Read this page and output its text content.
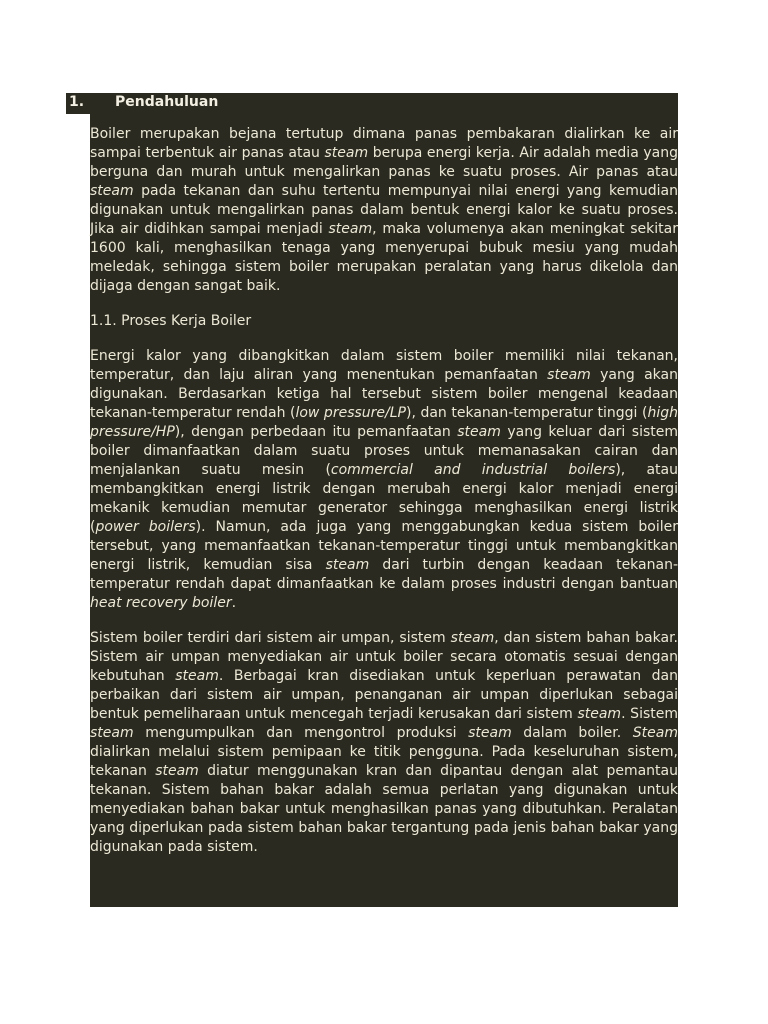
1. Pendahuluan

Boiler merupakan bejana tertutup dimana panas pembakaran dialirkan ke air sampai terbentuk air panas atau steam berupa energi kerja. Air adalah media yang berguna dan murah untuk mengalirkan panas ke suatu proses. Air panas atau steam pada tekanan dan suhu tertentu mempunyai nilai energi yang kemudian digunakan untuk mengalirkan panas dalam bentuk energi kalor ke suatu proses. Jika air didihkan sampai menjadi steam, maka volumenya akan meningkat sekitar 1600 kali, menghasilkan tenaga yang menyerupai bubuk mesiu yang mudah meledak, sehingga sistem boiler merupakan peralatan yang harus dikelola dan dijaga dengan sangat baik.

1.1. Proses Kerja Boiler

Energi kalor yang dibangkitkan dalam sistem boiler memiliki nilai tekanan, temperatur, dan laju aliran yang menentukan pemanfaatan steam yang akan digunakan. Berdasarkan ketiga hal tersebut sistem boiler mengenal keadaan tekanan-temperatur rendah (low pressure/LP), dan tekanan-temperatur tinggi (high pressure/HP), dengan perbedaan itu pemanfaatan steam yang keluar dari sistem boiler dimanfaatkan dalam suatu proses untuk memanasakan cairan dan menjalankan suatu mesin (commercial and industrial boilers), atau membangkitkan energi listrik dengan merubah energi kalor menjadi energi mekanik kemudian memutar generator sehingga menghasilkan energi listrik (power boilers). Namun, ada juga yang menggabungkan kedua sistem boiler tersebut, yang memanfaatkan tekanan-temperatur tinggi untuk membangkitkan energi listrik, kemudian sisa steam dari turbin dengan keadaan tekanan-temperatur rendah dapat dimanfaatkan ke dalam proses industri dengan bantuan heat recovery boiler.

Sistem boiler terdiri dari sistem air umpan, sistem steam, dan sistem bahan bakar. Sistem air umpan menyediakan air untuk boiler secara otomatis sesuai dengan kebutuhan steam. Berbagai kran disediakan untuk keperluan perawatan dan perbaikan dari sistem air umpan, penanganan air umpan diperlukan sebagai bentuk pemeliharaan untuk mencegah terjadi kerusakan dari sistem steam. Sistem steam mengumpulkan dan mengontrol produksi steam dalam boiler. Steam dialirkan melalui sistem pemipaan ke titik pengguna. Pada keseluruhan sistem, tekanan steam diatur menggunakan kran dan dipantau dengan alat pemantau tekanan. Sistem bahan bakar adalah semua perlatan yang digunakan untuk menyediakan bahan bakar untuk menghasilkan panas yang dibutuhkan. Peralatan yang diperlukan pada sistem bahan bakar tergantung pada jenis bahan bakar yang digunakan pada sistem.
